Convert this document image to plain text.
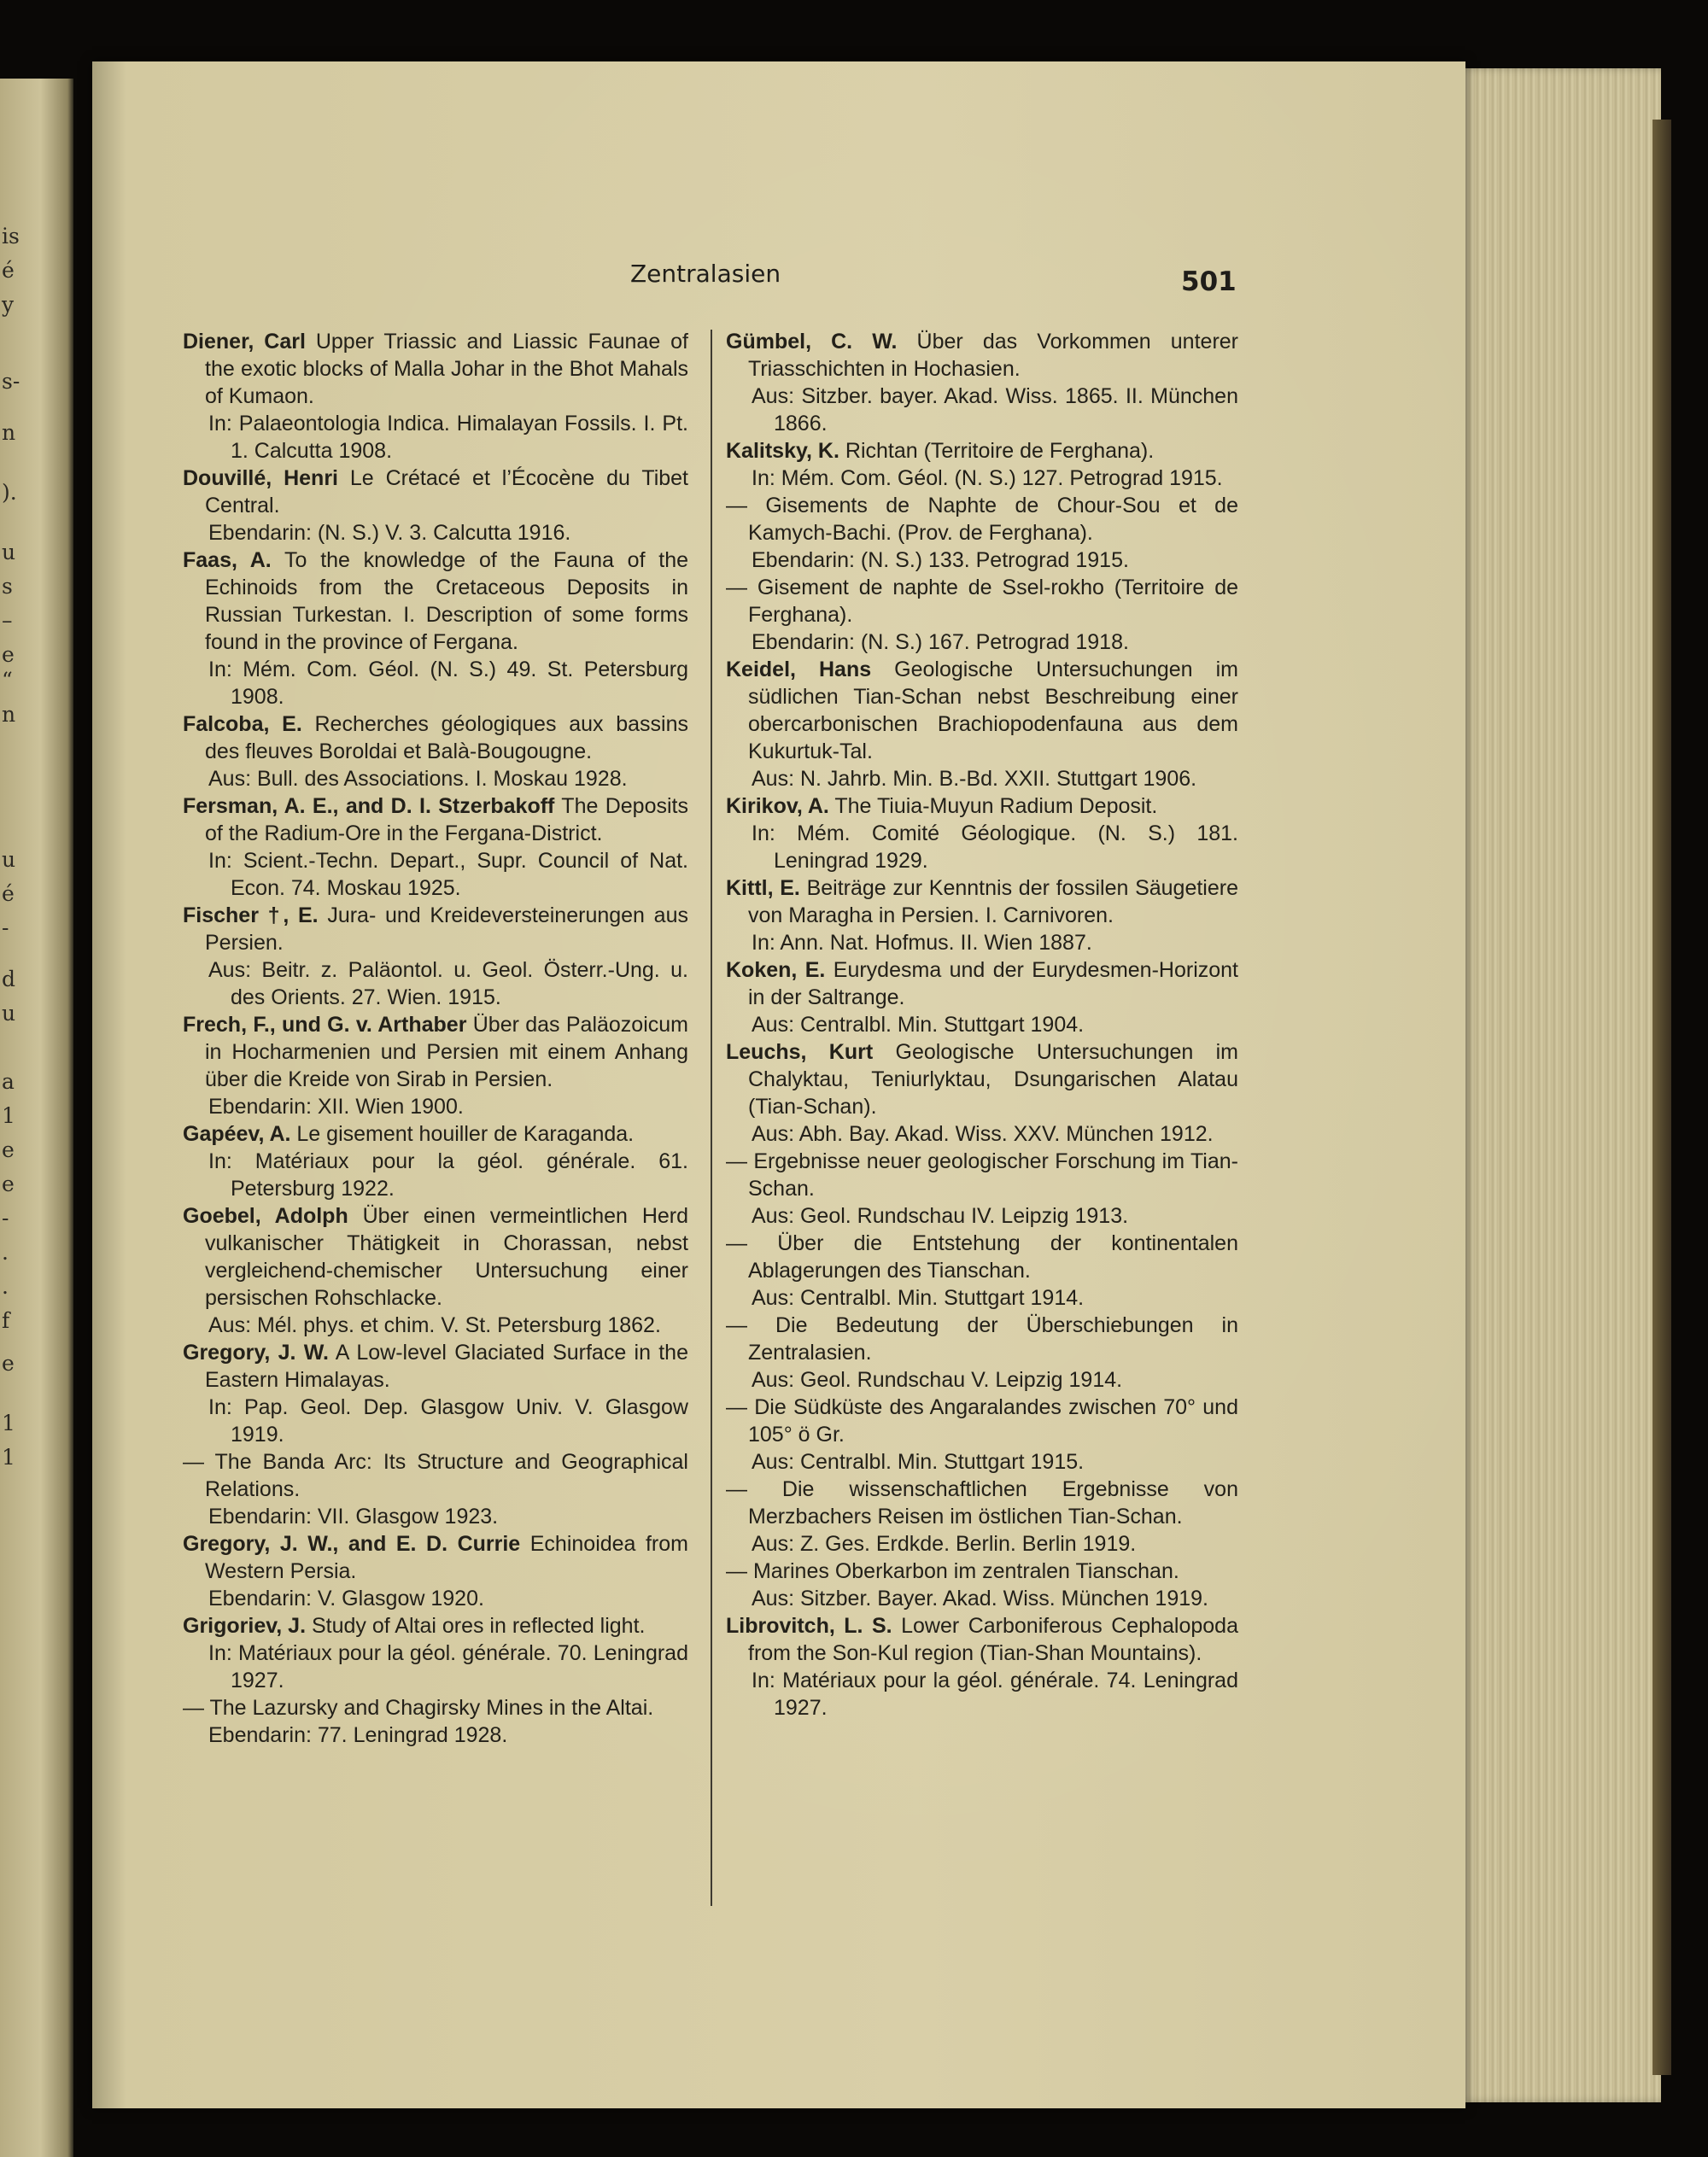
is
é
y
s-
n
).
u
s
–
e
“
n
u
é
-
d
u
a
1
e
e
-
.
.
f
e
1
1
Zentralasien	501

Diener, Carl Upper Triassic and Liassic Faunae of the exotic blocks of Malla Johar in the Bhot Mahals of Kumaon.
In: Palaeontologia Indica. Himalayan Fossils. I. Pt. 1. Calcutta 1908.

Douvillé, Henri Le Crétacé et l’Écocène du Tibet Central.
Ebendarin: (N. S.) V. 3. Calcutta 1916.

Faas, A. To the knowledge of the Fauna of the Echinoids from the Cretaceous Deposits in Russian Turkestan. I. Description of some forms found in the province of Fergana.
In: Mém. Com. Géol. (N. S.) 49. St. Petersburg 1908.

Falcoba, E. Recherches géologiques aux bassins des fleuves Boroldai et Balà-Bougougne.
Aus: Bull. des Associations. I. Moskau 1928.

Fersman, A. E., and D. I. Stzerbakoff The Deposits of the Radium-Ore in the Fergana-District.
In: Scient.-Techn. Depart., Supr. Council of Nat. Econ. 74. Moskau 1925.

Fischer †, E. Jura- und Kreideversteinerungen aus Persien.
Aus: Beitr. z. Paläontol. u. Geol. Österr.-Ung. u. des Orients. 27. Wien. 1915.

Frech, F., und G. v. Arthaber Über das Paläozoicum in Hocharmenien und Persien mit einem Anhang über die Kreide von Sirab in Persien.
Ebendarin: XII. Wien 1900.

Gapéev, A. Le gisement houiller de Karaganda.
In: Matériaux pour la géol. générale. 61. Petersburg 1922.

Goebel, Adolph Über einen vermeintlichen Herd vulkanischer Thätigkeit in Chorassan, nebst vergleichend-chemischer Untersuchung einer persischen Rohschlacke.
Aus: Mél. phys. et chim. V. St. Petersburg 1862.

Gregory, J. W. A Low-level Glaciated Surface in the Eastern Himalayas.
In: Pap. Geol. Dep. Glasgow Univ. V. Glasgow 1919.

— The Banda Arc: Its Structure and Geographical Relations.
Ebendarin: VII. Glasgow 1923.

Gregory, J. W., and E. D. Currie Echinoidea from Western Persia.
Ebendarin: V. Glasgow 1920.

Grigoriev, J. Study of Altai ores in reflected light.
In: Matériaux pour la géol. générale. 70. Leningrad 1927.

— The Lazursky and Chagirsky Mines in the Altai.
Ebendarin: 77. Leningrad 1928.

Gümbel, C. W. Über das Vorkommen unterer Triasschichten in Hochasien.
Aus: Sitzber. bayer. Akad. Wiss. 1865. II. München 1866.

Kalitsky, K. Richtan (Territoire de Ferghana).
In: Mém. Com. Géol. (N. S.) 127. Petrograd 1915.

— Gisements de Naphte de Chour-Sou et de Kamych-Bachi. (Prov. de Ferghana).
Ebendarin: (N. S.) 133. Petrograd 1915.

— Gisement de naphte de Ssel-rokho (Territoire de Ferghana).
Ebendarin: (N. S.) 167. Petrograd 1918.

Keidel, Hans Geologische Untersuchungen im südlichen Tian-Schan nebst Beschreibung einer obercarbonischen Brachiopodenfauna aus dem Kukurtuk-Tal.
Aus: N. Jahrb. Min. B.-Bd. XXII. Stuttgart 1906.

Kirikov, A. The Tiuia-Muyun Radium Deposit.
In: Mém. Comité Géologique. (N. S.) 181. Leningrad 1929.

Kittl, E. Beiträge zur Kenntnis der fossilen Säugetiere von Maragha in Persien. I. Carnivoren.
In: Ann. Nat. Hofmus. II. Wien 1887.

Koken, E. Eurydesma und der Eurydesmen-Horizont in der Saltrange.
Aus: Centralbl. Min. Stuttgart 1904.

Leuchs, Kurt Geologische Untersuchungen im Chalyktau, Teniurlyktau, Dsungarischen Alatau (Tian-Schan).
Aus: Abh. Bay. Akad. Wiss. XXV. München 1912.

— Ergebnisse neuer geologischer Forschung im Tian-Schan.
Aus: Geol. Rundschau IV. Leipzig 1913.

— Über die Entstehung der kontinentalen Ablagerungen des Tianschan.
Aus: Centralbl. Min. Stuttgart 1914.

— Die Bedeutung der Überschiebungen in Zentralasien.
Aus: Geol. Rundschau V. Leipzig 1914.

— Die Südküste des Angaralandes zwischen 70° und 105° ö Gr.
Aus: Centralbl. Min. Stuttgart 1915.

— Die wissenschaftlichen Ergebnisse von Merzbachers Reisen im östlichen Tian-Schan.
Aus: Z. Ges. Erdkde. Berlin. Berlin 1919.

— Marines Oberkarbon im zentralen Tianschan.
Aus: Sitzber. Bayer. Akad. Wiss. München 1919.

Librovitch, L. S. Lower Carboniferous Cephalopoda from the Son-Kul region (Tian-Shan Mountains).
In: Matériaux pour la géol. générale. 74. Leningrad 1927.
